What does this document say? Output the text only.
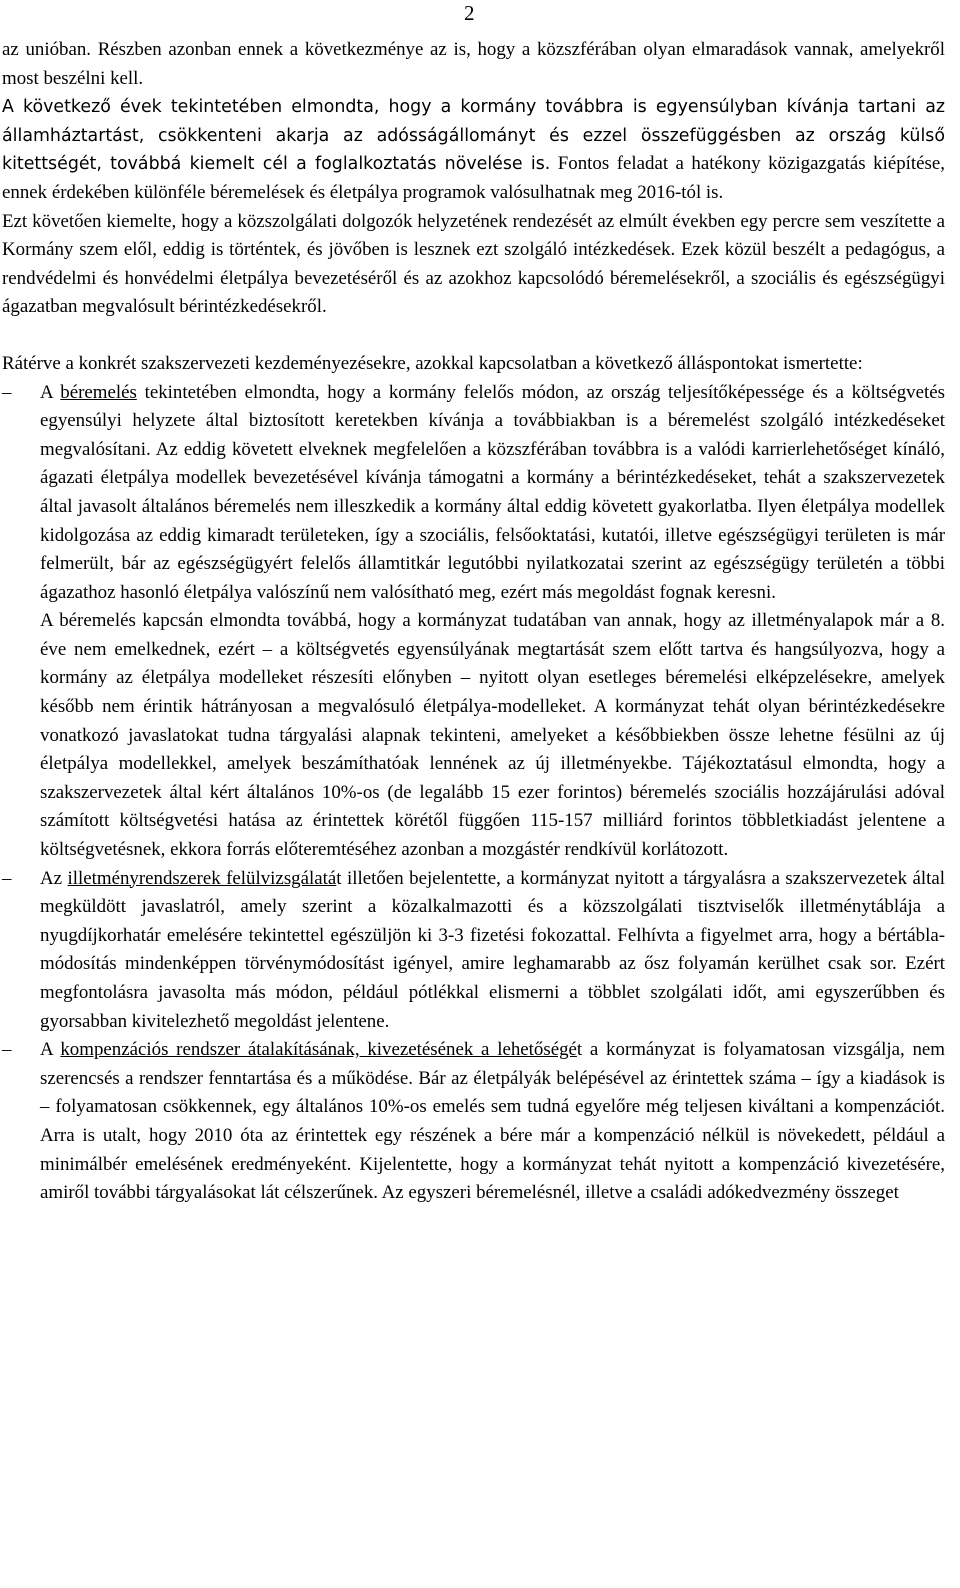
2

az unióban. Részben azonban ennek a következménye az is, hogy a közszférában olyan elmaradások vannak, amelyekről most beszélni kell.

A következő évek tekintetében elmondta, hogy a kormány továbbra is egyensúlyban kívánja tartani az államháztartást, csökkenteni akarja az adósságállományt és ezzel összefüggésben az ország külső kitettségét, továbbá kiemelt cél a foglalkoztatás növelése is. Fontos feladat a hatékony közigazgatás kiépítése, ennek érdekében különféle béremelések és életpálya programok valósulhatnak meg 2016-tól is.

Ezt követően kiemelte, hogy a közszolgálati dolgozók helyzetének rendezését az elmúlt években egy percre sem veszítette a Kormány szem elől, eddig is történtek, és jövőben is lesznek ezt szolgáló intézkedések. Ezek közül beszélt a pedagógus, a rendvédelmi és honvédelmi életpálya bevezetéséről és az azokhoz kapcsolódó béremelésekről, a szociális és egészségügyi ágazatban megvalósult bérintézkedésekről.

Rátérve a konkrét szakszervezeti kezdeményezésekre, azokkal kapcsolatban a következő álláspontokat ismertette:

– A béremelés tekintetében elmondta, hogy a kormány felelős módon, az ország teljesítőképessége és a költségvetés egyensúlyi helyzete által biztosított keretekben kívánja a továbbiakban is a béremelést szolgáló intézkedéseket megvalósítani. Az eddig követett elveknek megfelelően a közszférában továbbra is a valódi karrierlehetőséget kínáló, ágazati életpálya modellek bevezetésével kívánja támogatni a kormány a bérintézkedéseket, tehát a szakszervezetek által javasolt általános béremelés nem illeszkedik a kormány által eddig követett gyakorlatba. Ilyen életpálya modellek kidolgozása az eddig kimaradt területeken, így a szociális, felsőoktatási, kutatói, illetve egészségügyi területen is már felmerült, bár az egészségügyért felelős államtitkár legutóbbi nyilatkozatai szerint az egészségügy területén a többi ágazathoz hasonló életpálya valószínű nem valósítható meg, ezért más megoldást fognak keresni.

A béremelés kapcsán elmondta továbbá, hogy a kormányzat tudatában van annak, hogy az illetményalapok már a 8. éve nem emelkednek, ezért – a költségvetés egyensúlyának megtartását szem előtt tartva és hangsúlyozva, hogy a kormány az életpálya modelleket részesíti előnyben – nyitott olyan esetleges béremelési elképzelésekre, amelyek később nem érintik hátrányosan a megvalósuló életpálya-modelleket. A kormányzat tehát olyan bérintézkedésekre vonatkozó javaslatokat tudna tárgyalási alapnak tekinteni, amelyeket a későbbiekben össze lehetne fésülni az új életpálya modellekkel, amelyek beszámíthatóak lennének az új illetményekbe. Tájékoztatásul elmondta, hogy a szakszervezetek által kért általános 10%-os (de legalább 15 ezer forintos) béremelés szociális hozzájárulási adóval számított költségvetési hatása az érintettek körétől függően 115-157 milliárd forintos többletkiadást jelentene a költségvetésnek, ekkora forrás előteremtéséhez azonban a mozgástér rendkívül korlátozott.

– Az illetményrendszerek felülvizsgálatát illetően bejelentette, a kormányzat nyitott a tárgyalásra a szakszervezetek által megküldött javaslatról, amely szerint a közalkalmazotti és a közszolgálati tisztviselők illetménytáblája a nyugdíjkorhatár emelésére tekintettel egészüljön ki 3-3 fizetési fokozattal. Felhívta a figyelmet arra, hogy a bértábla-módosítás mindenképpen törvénymódosítást igényel, amire leghamarabb az ősz folyamán kerülhet csak sor. Ezért megfontolásra javasolta más módon, például pótlékkal elismerni a többlet szolgálati időt, ami egyszerűbben és gyorsabban kivitelezhető megoldást jelentene.

– A kompenzációs rendszer átalakításának, kivezetésének a lehetőségét a kormányzat is folyamatosan vizsgálja, nem szerencsés a rendszer fenntartása és a működése. Bár az életpályák belépésével az érintettek száma – így a kiadások is – folyamatosan csökkennek, egy általános 10%-os emelés sem tudná egyelőre még teljesen kiváltani a kompenzációt. Arra is utalt, hogy 2010 óta az érintettek egy részének a bére már a kompenzáció nélkül is növekedett, például a minimálbér emelésének eredményeként. Kijelentette, hogy a kormányzat tehát nyitott a kompenzáció kivezetésére, amiről további tárgyalásokat lát célszerűnek. Az egyszeri béremelésnél, illetve a családi adókedvezmény összeget
